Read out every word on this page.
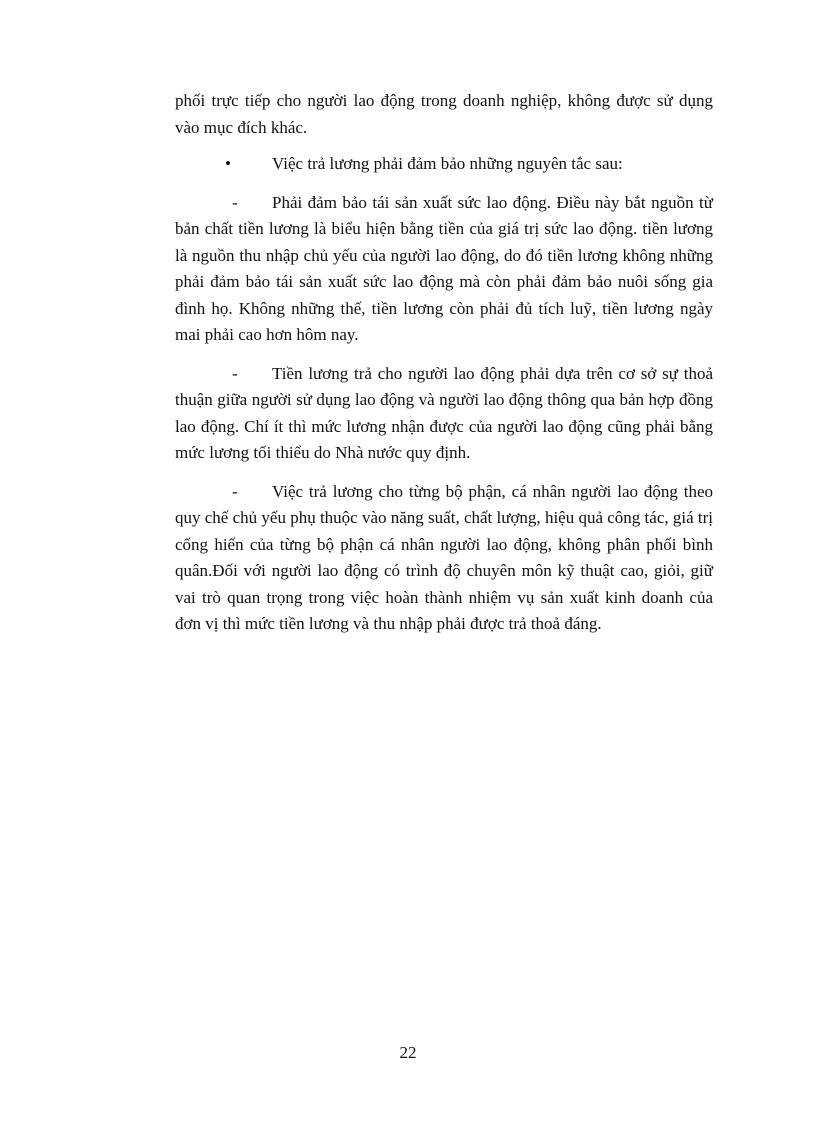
phối trực tiếp cho người lao động trong doanh nghiệp, không được sử dụng vào mục đích khác.

• Việc trả lương phải đảm bảo những nguyên tắc sau:

- Phải đảm bảo tái sản xuất sức lao động. Điều này bắt nguồn từ bản chất tiền lương là biểu hiện bằng tiền của giá trị sức lao động. tiền lương là nguồn thu nhập chủ yếu của người lao động, do đó tiền lương không những phải đảm bảo tái sản xuất sức lao động mà còn phải đảm bảo nuôi sống gia đình họ. Không những thế, tiền lương còn phải đủ tích luỹ, tiền lương ngày mai phải cao hơn hôm nay.

- Tiền lương trả cho người lao động phải dựa trên cơ sở sự thoả thuận giữa người sử dụng lao động và người lao động thông qua bản hợp đồng lao động. Chí ít thì mức lương nhận được của người lao động cũng phải bằng mức lương tối thiểu do Nhà nước quy định.

- Việc trả lương cho từng bộ phận, cá nhân người lao động theo quy chế chủ yếu phụ thuộc vào năng suất, chất lượng, hiệu quả công tác, giá trị cống hiến của từng bộ phận cá nhân người lao động, không phân phối bình quân.Đối với người lao động có trình độ chuyên môn kỹ thuật cao, giỏi, giữ vai trò quan trọng trong việc hoàn thành nhiệm vụ sản xuất kinh doanh của đơn vị thì mức tiền lương và thu nhập phải được trả thoả đáng.

22
